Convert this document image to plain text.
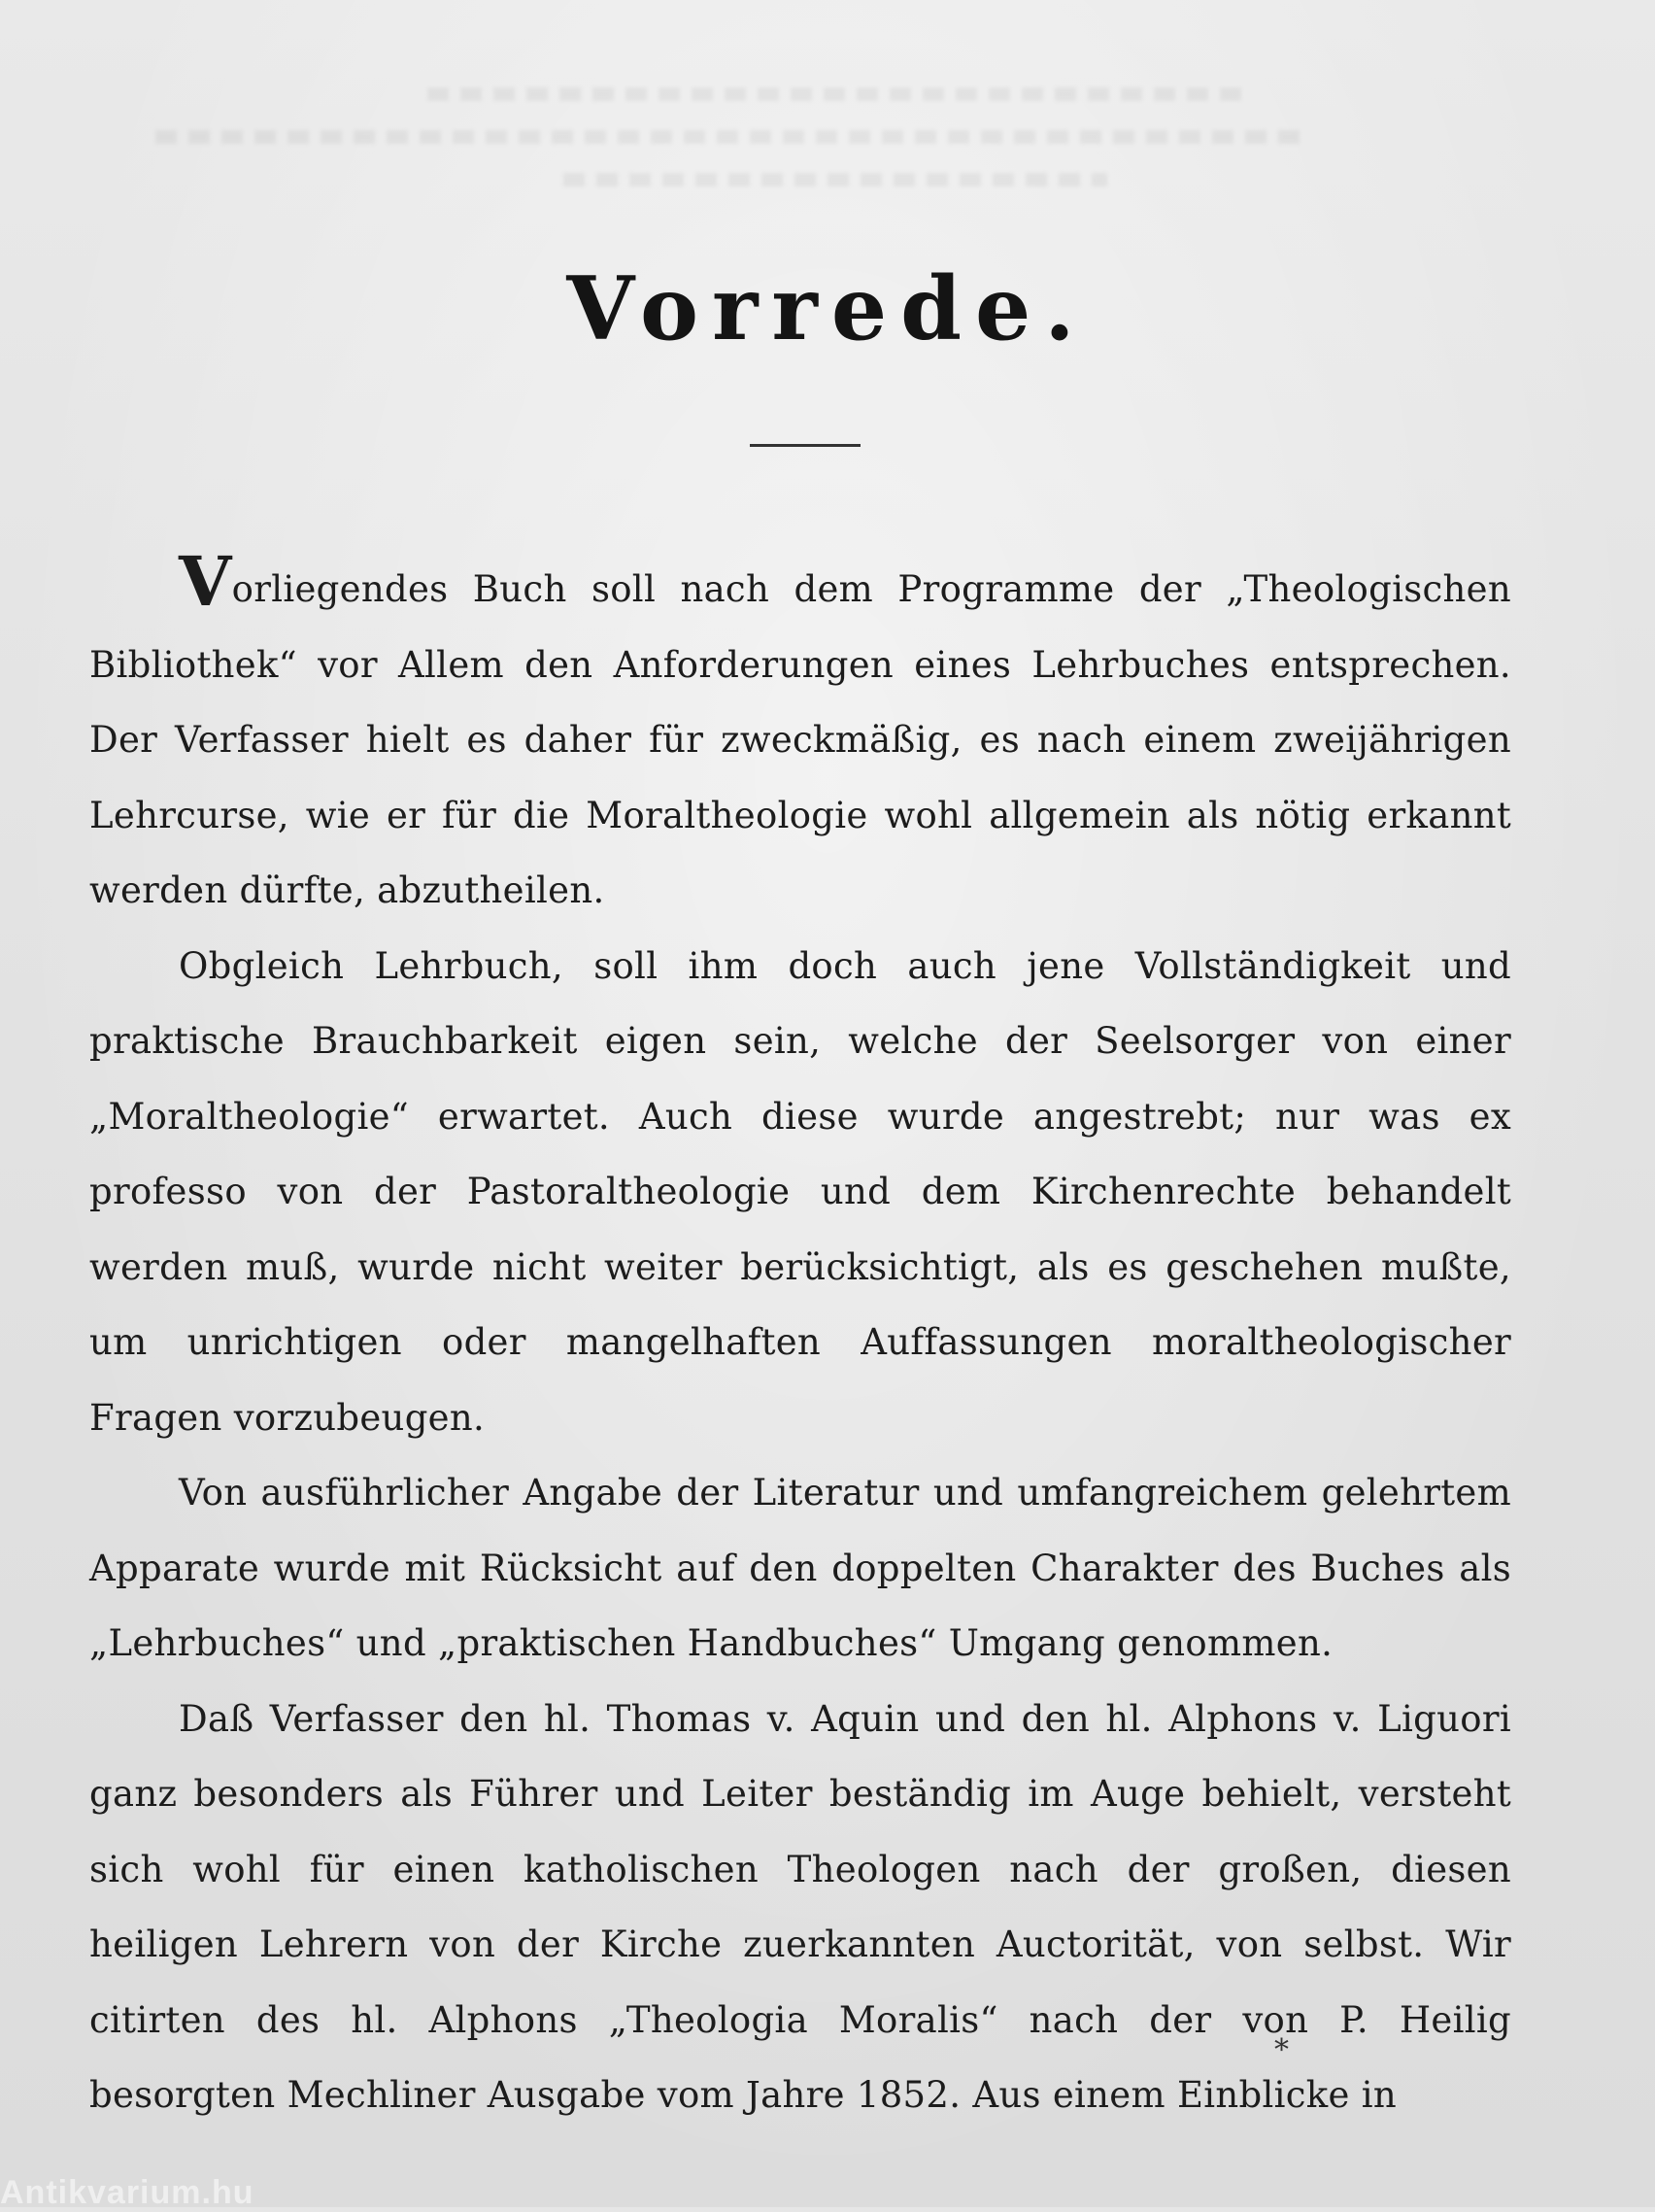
Vorrede.

Vorliegendes Buch soll nach dem Programme der „Theologischen Bibliothek“ vor Allem den Anforderungen eines Lehrbuches entsprechen. Der Verfasser hielt es daher für zweckmäßig, es nach einem zweijährigen Lehrcurse, wie er für die Moraltheologie wohl allgemein als nötig erkannt werden dürfte, abzutheilen.

Obgleich Lehrbuch, soll ihm doch auch jene Vollständigkeit und praktische Brauchbarkeit eigen sein, welche der Seelsorger von einer „Moraltheologie“ erwartet. Auch diese wurde angestrebt; nur was ex professo von der Pastoraltheologie und dem Kirchenrechte behandelt werden muß, wurde nicht weiter berücksichtigt, als es geschehen mußte, um unrichtigen oder mangelhaften Auffassungen moraltheologischer Fragen vorzubeugen.

Von ausführlicher Angabe der Literatur und umfangreichem gelehrtem Apparate wurde mit Rücksicht auf den doppelten Charakter des Buches als „Lehrbuches“ und „praktischen Handbuches“ Umgang genommen.

Daß Verfasser den hl. Thomas v. Aquin und den hl. Alphons v. Liguori ganz besonders als Führer und Leiter beständig im Auge behielt, versteht sich wohl für einen katholischen Theologen nach der großen, diesen heiligen Lehrern von der Kirche zuerkannten Auctorität, von selbst. Wir citirten des hl. Alphons „Theologia Moralis“ nach der von P. Heilig besorgten Mechliner Ausgabe vom Jahre 1852. Aus einem Einblicke in

*
Antikvarium.hu
